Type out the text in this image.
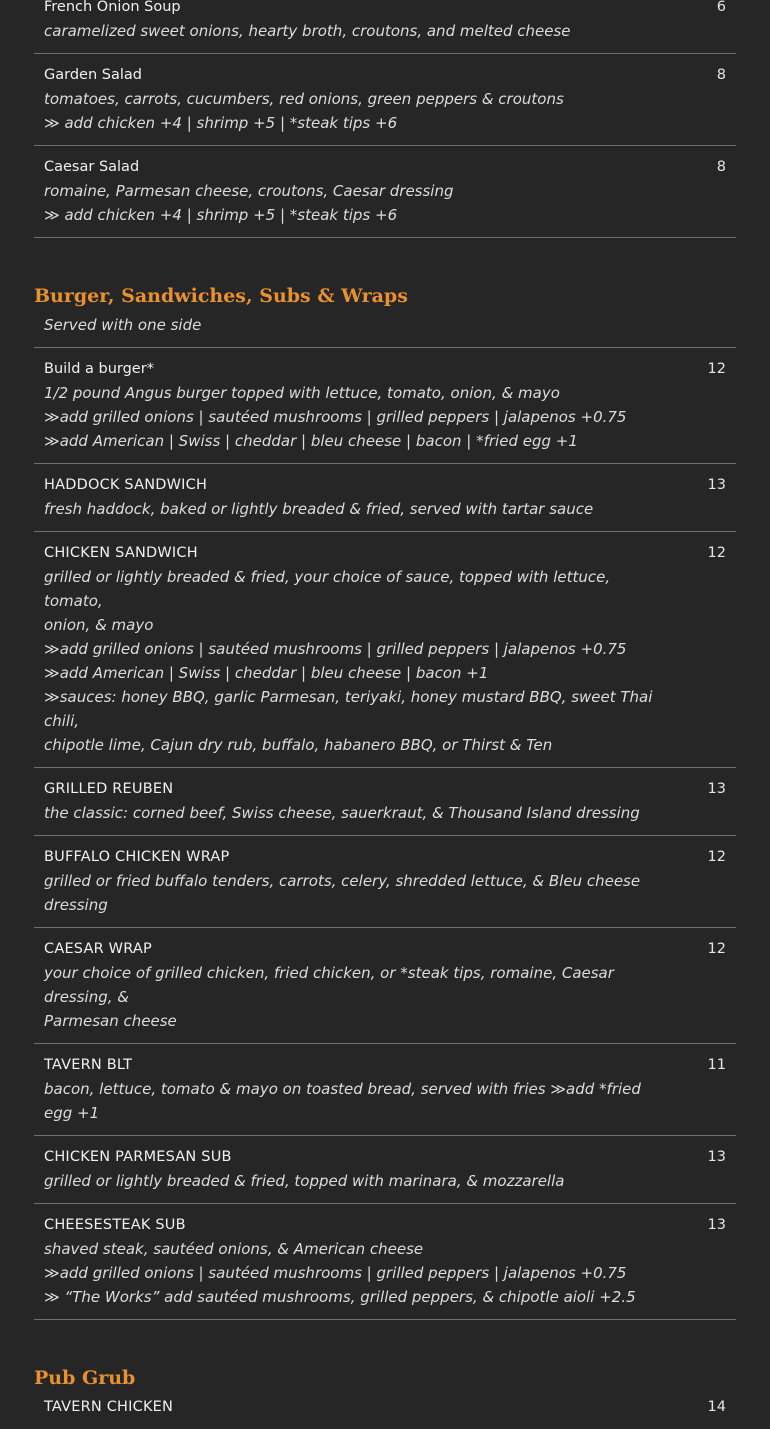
French Onion Soup	6
caramelized sweet onions, hearty broth, croutons, and melted cheese
Garden Salad	8
tomatoes, carrots, cucumbers, red onions, green peppers & croutons
≫ add chicken +4 | shrimp +5 | *steak tips +6
Caesar Salad	8
romaine, Parmesan cheese, croutons, Caesar dressing
≫ add chicken +4 | shrimp +5 | *steak tips +6
Burger, Sandwiches, Subs & Wraps
Served with one side
Build a burger*	12
1/2 pound Angus burger topped with lettuce, tomato, onion, & mayo
≫add grilled onions | sautéed mushrooms | grilled peppers | jalapenos +0.75
≫add American | Swiss | cheddar | bleu cheese | bacon | *fried egg +1
HADDOCK SANDWICH	13
fresh haddock, baked or lightly breaded & fried, served with tartar sauce
CHICKEN SANDWICH	12
grilled or lightly breaded & fried, your choice of sauce, topped with lettuce, tomato,
onion, & mayo
≫add grilled onions | sautéed mushrooms | grilled peppers | jalapenos +0.75
≫add American | Swiss | cheddar | bleu cheese | bacon +1
≫sauces: honey BBQ, garlic Parmesan, teriyaki, honey mustard BBQ, sweet Thai chili,
chipotle lime, Cajun dry rub, buffalo, habanero BBQ, or Thirst & Ten
GRILLED REUBEN	13
the classic: corned beef, Swiss cheese, sauerkraut, & Thousand Island dressing
BUFFALO CHICKEN WRAP	12
grilled or fried buffalo tenders, carrots, celery, shredded lettuce, & Bleu cheese dressing
CAESAR WRAP	12
your choice of grilled chicken, fried chicken, or *steak tips, romaine, Caesar dressing, &
Parmesan cheese
TAVERN BLT	11
bacon, lettuce, tomato & mayo on toasted bread, served with fries ≫add *fried egg +1
CHICKEN PARMESAN SUB	13
grilled or lightly breaded & fried, topped with marinara, & mozzarella
CHEESESTEAK SUB	13
shaved steak, sautéed onions, & American cheese
≫add grilled onions | sautéed mushrooms | grilled peppers | jalapenos +0.75
≫ “The Works” add sautéed mushrooms, grilled peppers, & chipotle aioli +2.5
Pub Grub
TAVERN CHICKEN	14
